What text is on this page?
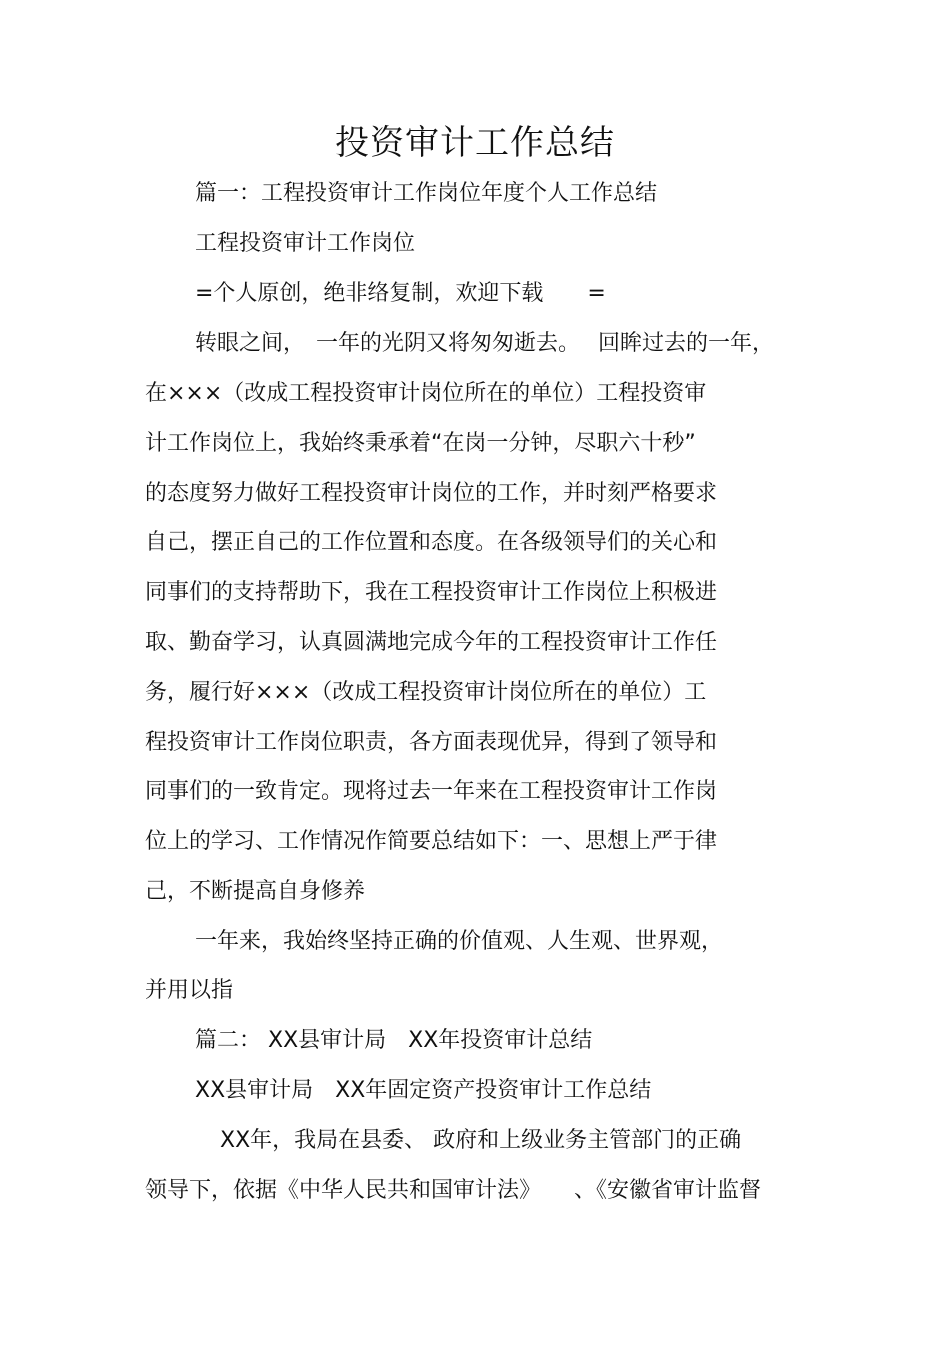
投资审计工作总结
篇一：工程投资审计工作岗位年度个人工作总结
工程投资审计工作岗位
=个人原创，绝非络复制，欢迎下载　　=
转眼之间，　一年的光阴又将匆匆逝去。　 回眸过去的一年，
在×××（改成工程投资审计岗位所在的单位）工程投资审
计工作岗位上，我始终秉承着“在岗一分钟，尽职六十秒”
的态度努力做好工程投资审计岗位的工作，并时刻严格要求
自己，摆正自己的工作位置和态度。在各级领导们的关心和
同事们的支持帮助下，我在工程投资审计工作岗位上积极进
取、勤奋学习，认真圆满地完成今年的工程投资审计工作任
务，履行好×××（改成工程投资审计岗位所在的单位）工
程投资审计工作岗位职责，各方面表现优异，得到了领导和
同事们的一致肯定。现将过去一年来在工程投资审计工作岗
位上的学习、工作情况作简要总结如下：一、思想上严于律
己，不断提高自身修养
一年来，我始终坚持正确的价值观、人生观、世界观，
并用以指
篇二： XX县审计局　XX年投资审计总结
XX县审计局　XX年固定资产投资审计工作总结
XX年，我局在县委、 政府和上级业务主管部门的正确
领导下，依据《中华人民共和国审计法》　　、《安徽省审计监督
